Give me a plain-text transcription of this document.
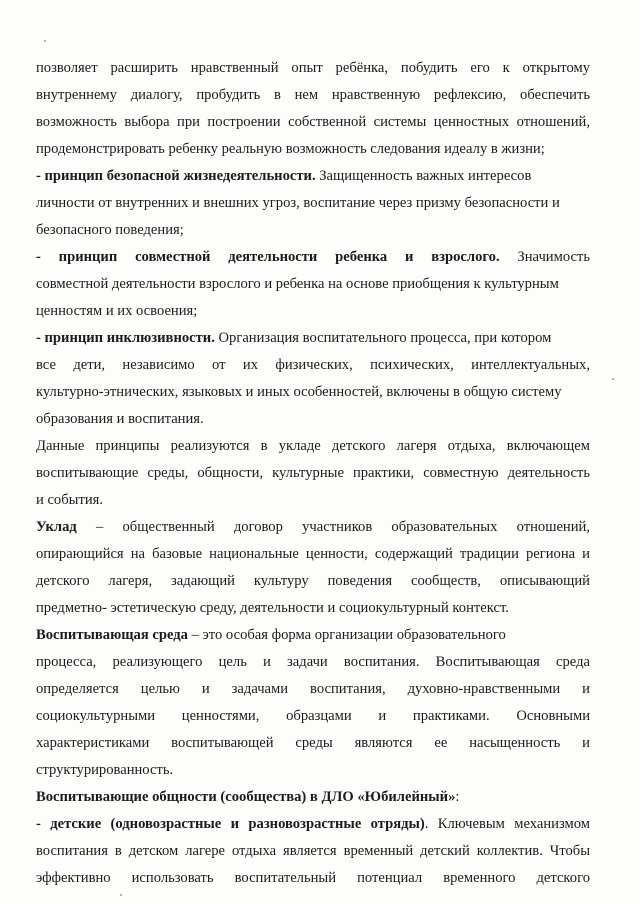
позволяет расширить нравственный опыт ребёнка, побудить его к открытому
внутреннему диалогу, пробудить в нем нравственную рефлексию, обеспечить
возможность выбора при построении собственной системы ценностных отношений,
продемонстрировать ребенку реальную возможность следования идеалу в жизни;
- принцип безопасной жизнедеятельности. Защищенность важных интересов
личности от внутренних и внешних угроз, воспитание через призму безопасности и
безопасного поведения;
- принцип совместной деятельности ребенка и взрослого. Значимость
совместной деятельности взрослого и ребенка на основе приобщения к культурным
ценностям и их освоения;
- принцип инклюзивности. Организация воспитательного процесса, при котором
все дети, независимо от их физических, психических, интеллектуальных,
культурно-этнических, языковых и иных особенностей, включены в общую систему
образования и воспитания.
Данные принципы реализуются в укладе детского лагеря отдыха, включающем
воспитывающие среды, общности, культурные практики, совместную деятельность
и события.
Уклад – общественный договор участников образовательных отношений,
опирающийся на базовые национальные ценности, содержащий традиции региона и
детского лагеря, задающий культуру поведения сообществ, описывающий
предметно- эстетическую среду, деятельности и социокультурный контекст.
Воспитывающая среда – это особая форма организации образовательного
процесса, реализующего цель и задачи воспитания. Воспитывающая среда
определяется целью и задачами воспитания, духовно-нравственными и
социокультурными ценностями, образцами и практиками. Основными
характеристиками воспитывающей среды являются ее насыщенность и
структурированность.
Воспитывающие общности (сообщества) в ДЛО «Юбилейный»:
- детские (одновозрастные и разновозрастные отряды). Ключевым механизмом
воспитания в детском лагере отдыха является временный детский коллектив. Чтобы
эффективно использовать воспитательный потенциал временного детского
